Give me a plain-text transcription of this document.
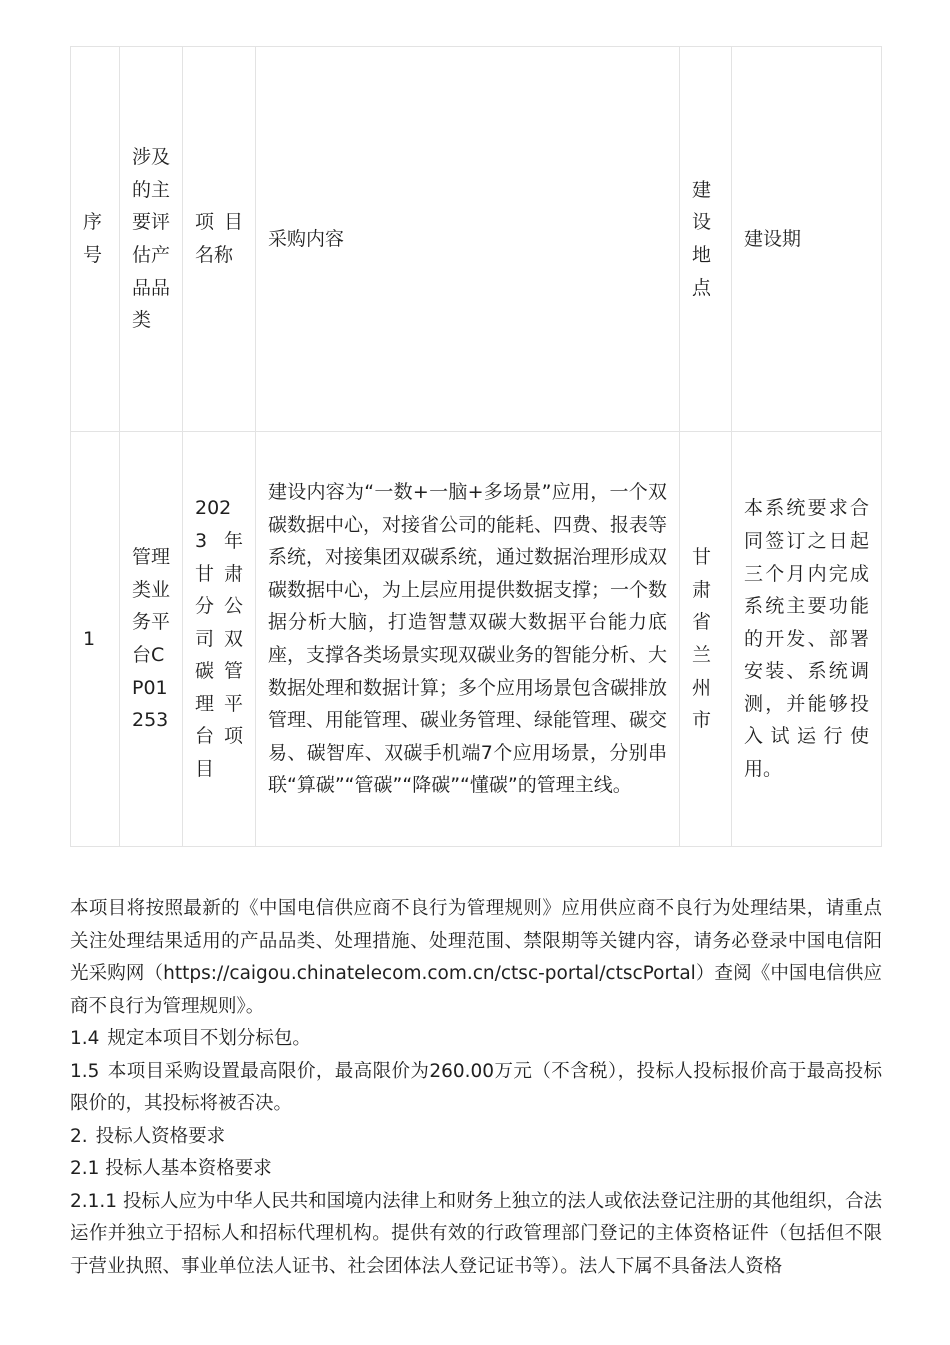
序号	涉及的主要评估产品品类	项目名称	采购内容	建设地点	建设期
1	管理类业务平台CP01253	2023年甘肃分公司双碳管理平台项目	建设内容为“一数+一脑+多场景”应用，一个双碳数据中心，对接省公司的能耗、四费、报表等系统，对接集团双碳系统，通过数据治理形成双碳数据中心，为上层应用提供数据支撑；一个数据分析大脑，打造智慧双碳大数据平台能力底座，支撑各类场景实现双碳业务的智能分析、大数据处理和数据计算；多个应用场景包含碳排放管理、用能管理、碳业务管理、绿能管理、碳交易、碳智库、双碳手机端7个应用场景，分别串联“算碳”“管碳”“降碳”“懂碳”的管理主线。	甘肃省兰州市	本系统要求合同签订之日起三个月内完成系统主要功能的开发、部署安装、系统调测，并能够投入试运行使用。

本项目将按照最新的《中国电信供应商不良行为管理规则》应用供应商不良行为处理结果，请重点关注处理结果适用的产品品类、处理措施、处理范围、禁限期等关键内容，请务必登录中国电信阳光采购网（https://caigou.chinatelecom.com.cn/ctsc-portal/ctscPortal）查阅《中国电信供应商不良行为管理规则》。

1.4 规定本项目不划分标包。

1.5 本项目采购设置最高限价，最高限价为260.00万元（不含税），投标人投标报价高于最高投标限价的，其投标将被否决。

2. 投标人资格要求

2.1 投标人基本资格要求

2.1.1 投标人应为中华人民共和国境内法律上和财务上独立的法人或依法登记注册的其他组织，合法运作并独立于招标人和招标代理机构。提供有效的行政管理部门登记的主体资格证件（包括但不限于营业执照、事业单位法人证书、社会团体法人登记证书等）。法人下属不具备法人资格
